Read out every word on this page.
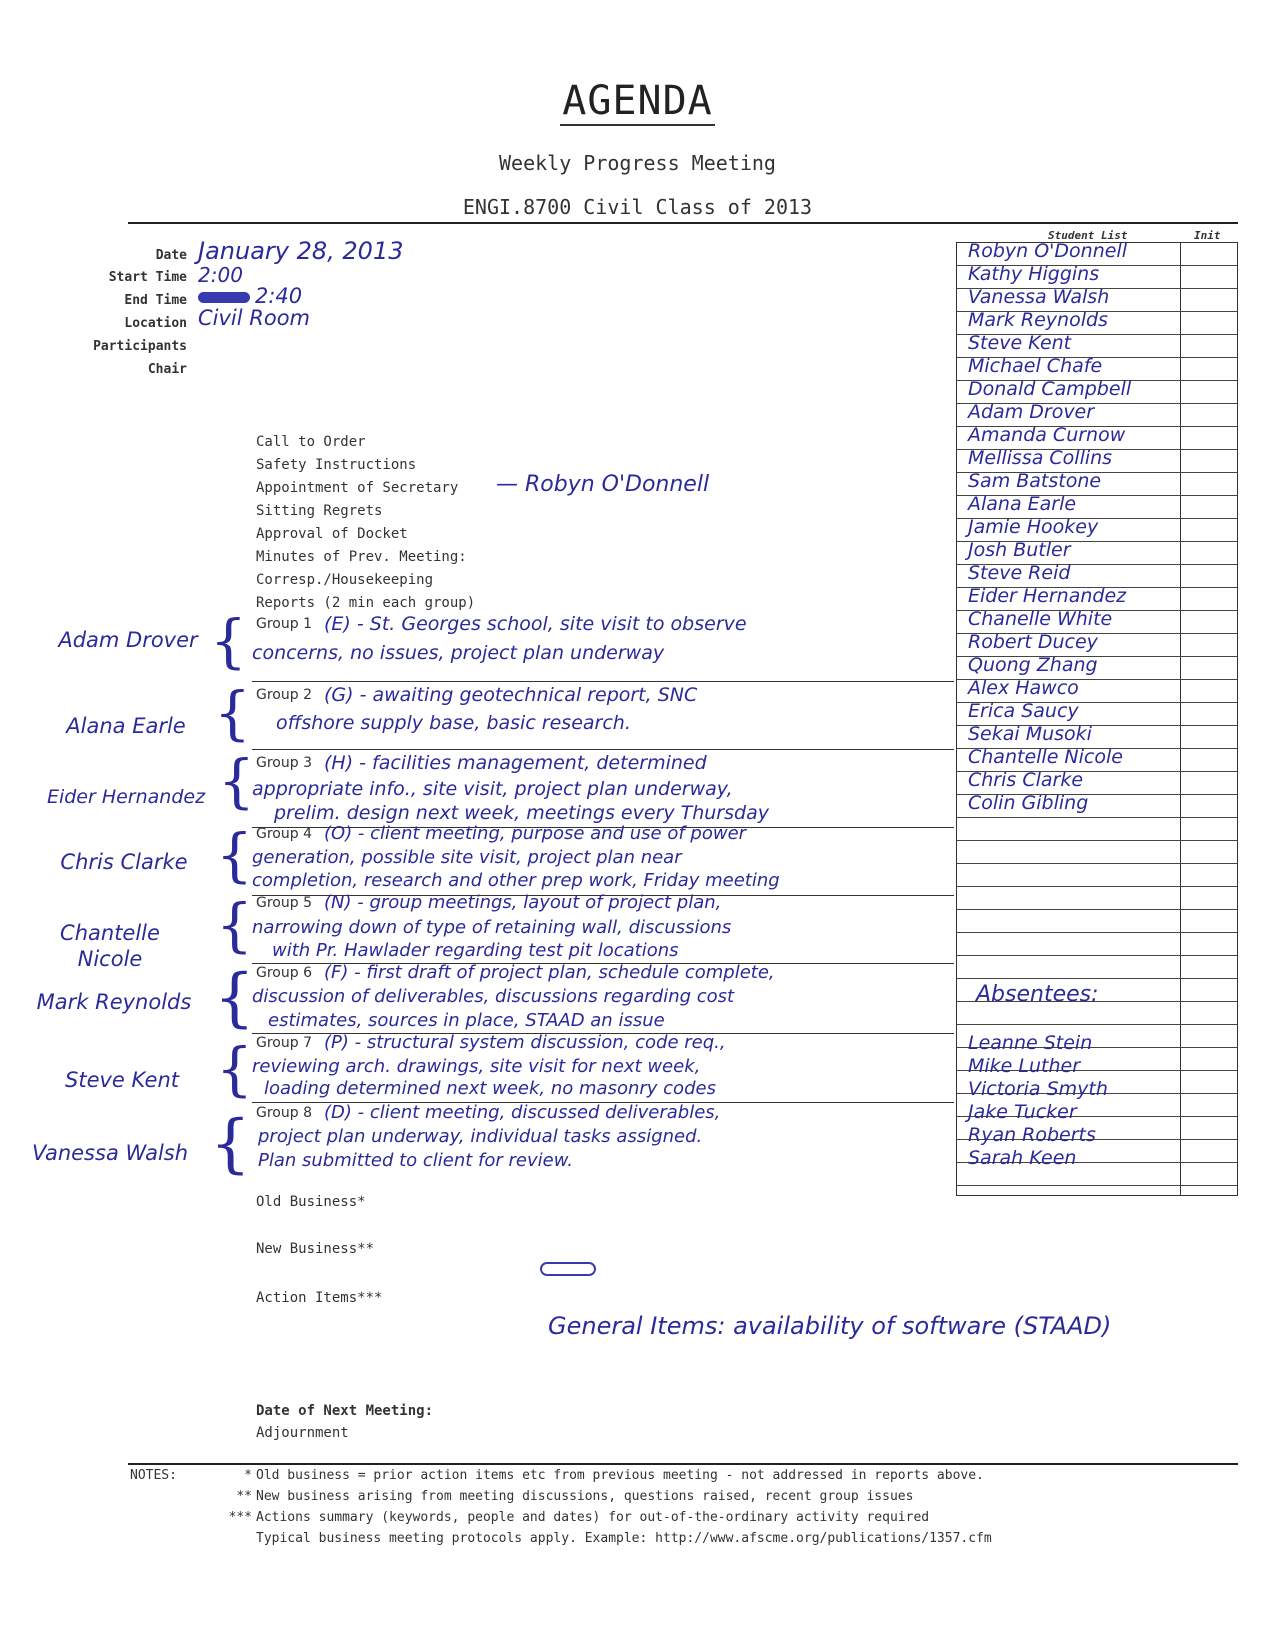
AGENDA
Weekly Progress Meeting
ENGI.8700 Civil Class of 2013
Date January 28, 2013
Start Time 2:00
End Time	2:40
Location Civil Room
Participants
Chair
Call to Order
Safety Instructions
Appointment of Secretary — Robyn O'Donnell
Sitting Regrets
Approval of Docket
Minutes of Prev. Meeting:
Corresp./Housekeeping
Reports (2 min each group)
Group 1 (E) - St. Georges school, site visit to observe
concerns, no issues, project plan underway
Adam Drover {
Group 2 (G) - awaiting geotechnical report, SNC
offshore supply base, basic research.
Alana Earle {
Group 3 (H) - facilities management, determined
appropriate info., site visit, project plan underway,
prelim. design next week, meetings every Thursday
Eider Hernandez {
Group 4 (O) - client meeting, purpose and use of power
generation, possible site visit, project plan near
completion, research and other prep work, Friday meeting
Chris Clarke {
Group 5 (N) - group meetings, layout of project plan,
narrowing down of type of retaining wall, discussions
with Pr. Hawlader regarding test pit locations
Chantelle Nicole
{
Group 6 (F) - first draft of project plan, schedule complete,
discussion of deliverables, discussions regarding cost
estimates, sources in place, STAAD an issue
Mark Reynolds {
Group 7 (P) - structural system discussion, code req.,
reviewing arch. drawings, site visit for next week,
loading determined next week, no masonry codes
Steve Kent {
Group 8 (D) - client meeting, discussed deliverables,
project plan underway, individual tasks assigned.
Plan submitted to client for review.
Vanessa Walsh {
Old Business*
New Business**
Action Items***
General Items: availability of software (STAAD)
Date of Next Meeting:
Adjournment
Student List	Init
Robyn O'Donnell
Kathy Higgins
Vanessa Walsh
Mark Reynolds
Steve Kent
Michael Chafe
Donald Campbell
Adam Drover
Amanda Curnow
Mellissa Collins
Sam Batstone
Alana Earle
Jamie Hookey
Josh Butler
Steve Reid
Eider Hernandez
Chanelle White
Robert Ducey
Quong Zhang
Alex Hawco
Erica Saucy
Sekai Musoki
Chantelle Nicole
Chris Clarke
Colin Gibling
Absentees:
Leanne Stein
Mike Luther
Victoria Smyth
Jake Tucker
Ryan Roberts
Sarah Keen
NOTES:	* Old business = prior action items etc from previous meeting - not addressed in reports above.
** New business arising from meeting discussions, questions raised, recent group issues
*** Actions summary (keywords, people and dates) for out-of-the-ordinary activity required
Typical business meeting protocols apply. Example: http://www.afscme.org/publications/1357.cfm
